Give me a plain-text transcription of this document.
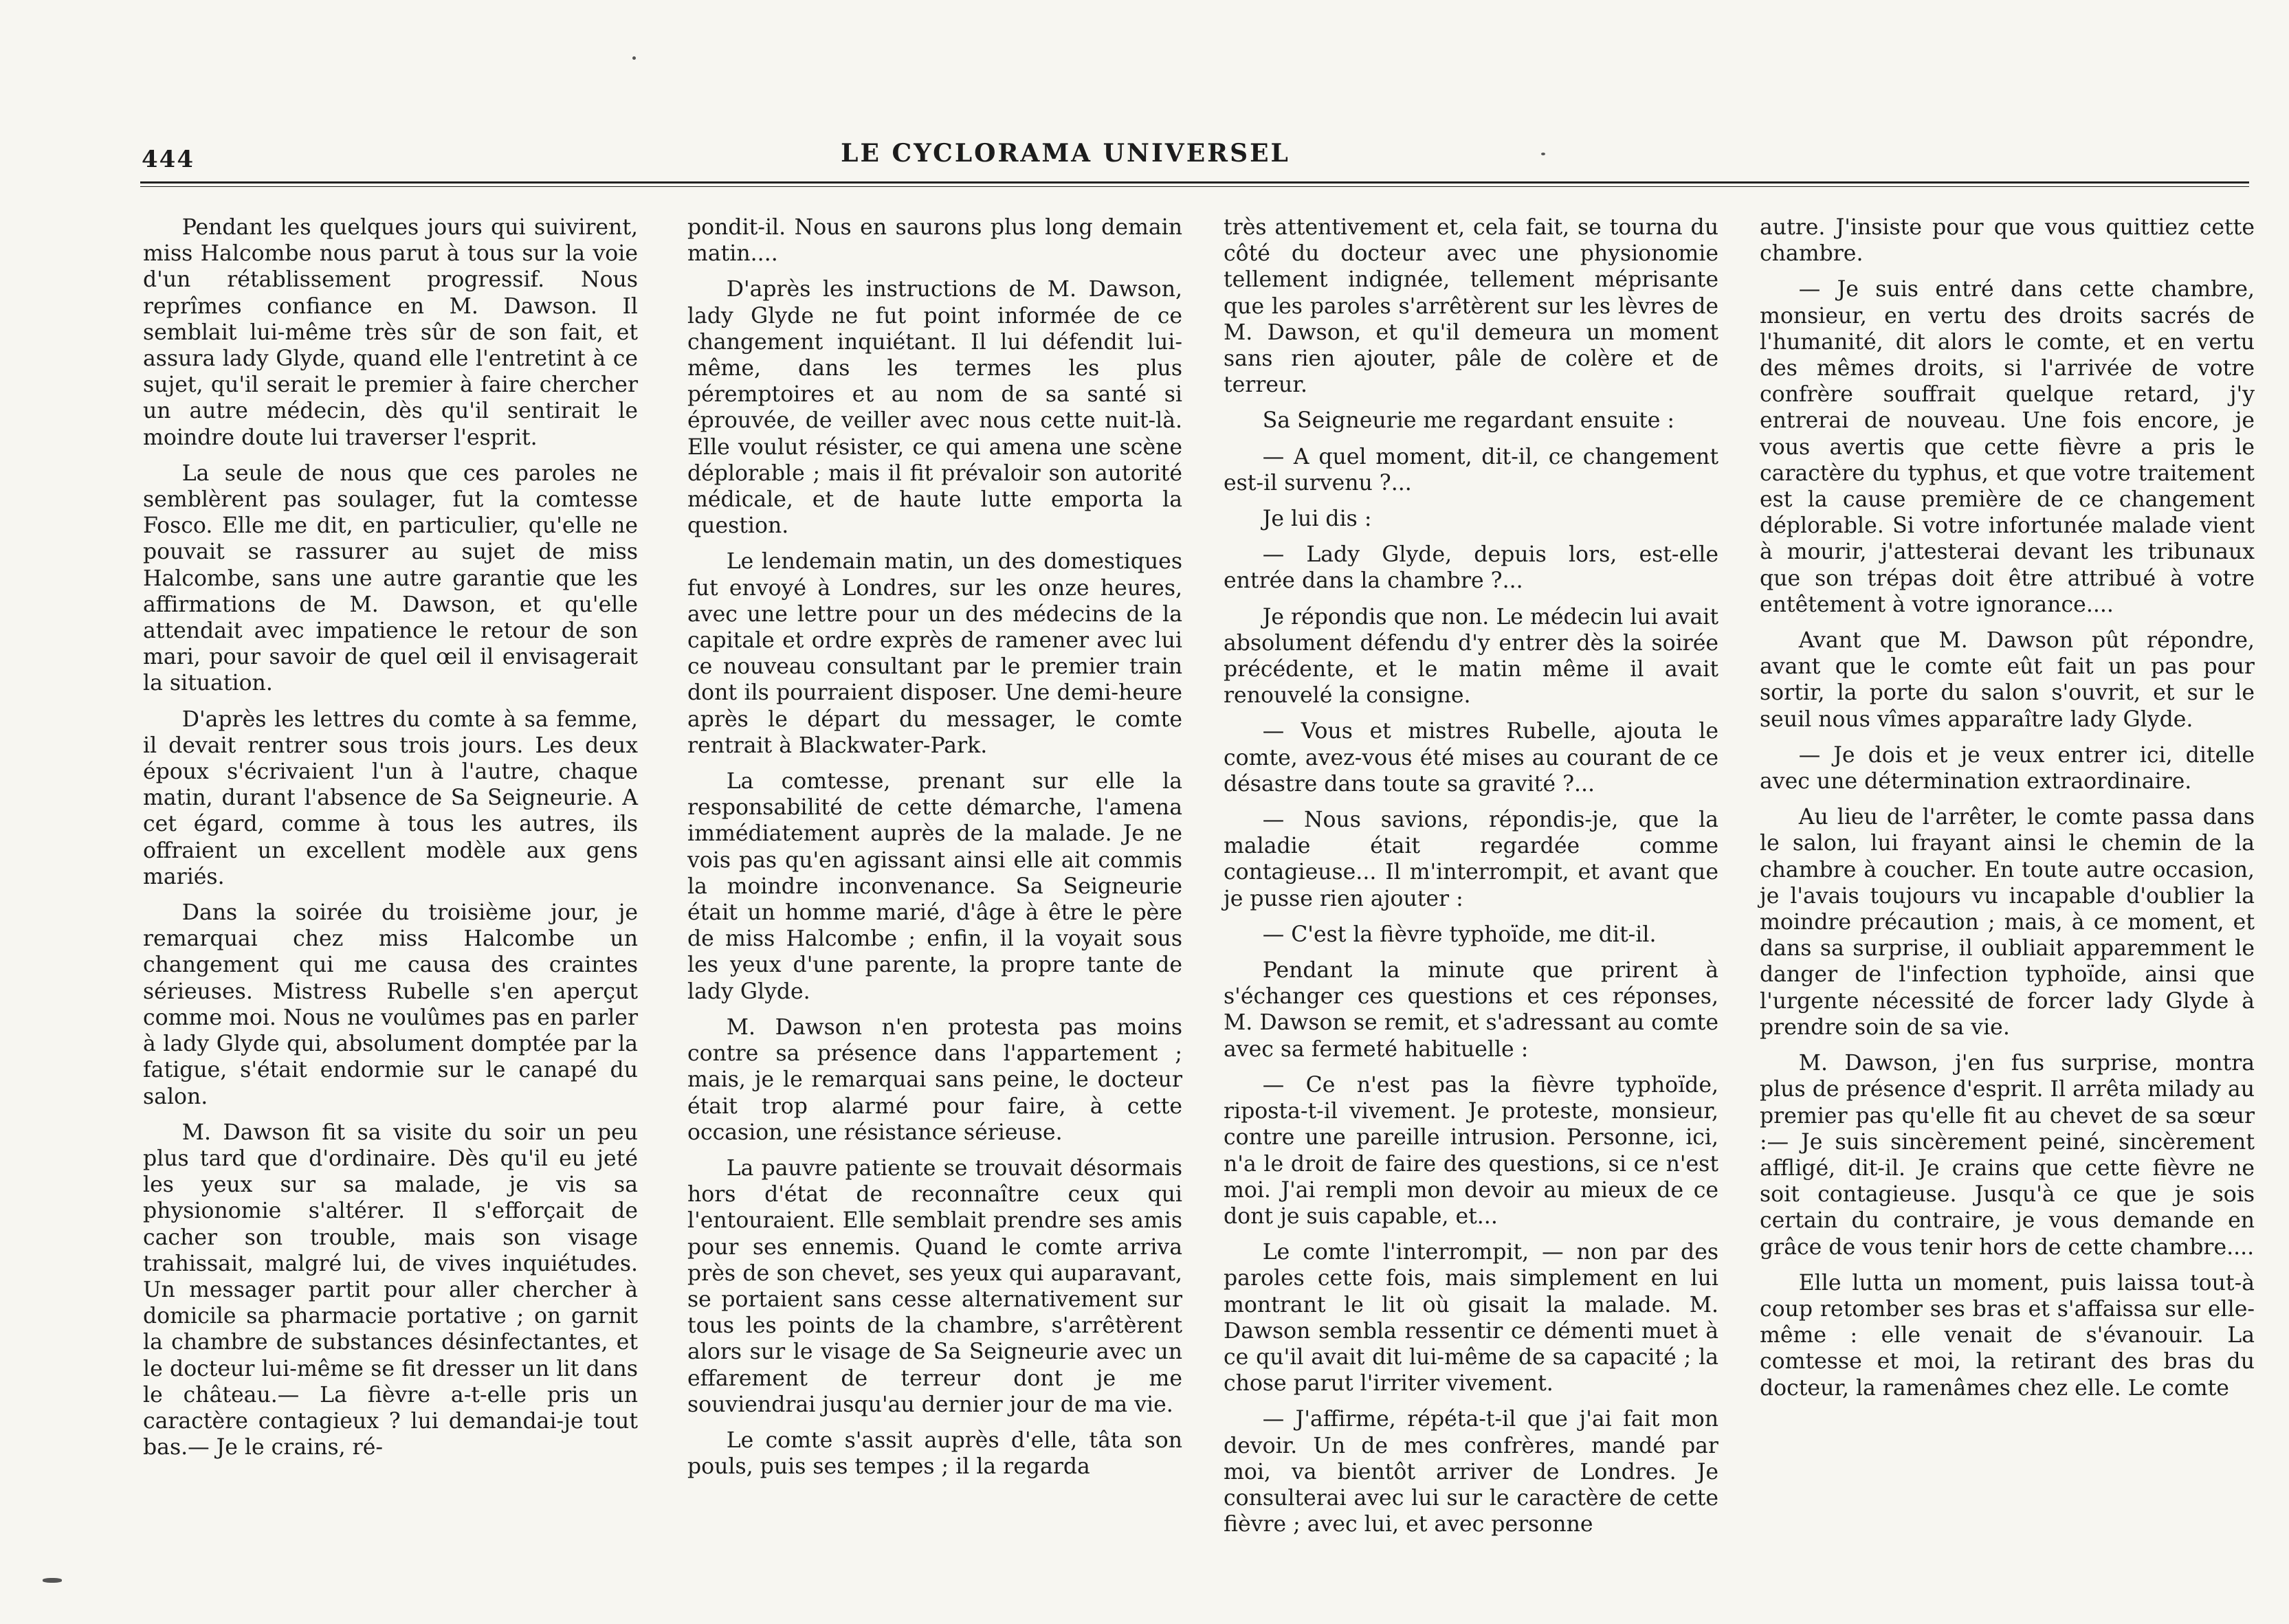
444	LE CYCLORAMA UNIVERSEL

Pendant les quelques jours qui suivirent, miss Halcombe nous parut à tous sur la voie d'un rétablissement progressif. Nous reprîmes confiance en M. Dawson. Il semblait lui-même très sûr de son fait, et assura lady Glyde, quand elle l'entretint à ce sujet, qu'il serait le premier à faire chercher un autre médecin, dès qu'il sentirait le moindre doute lui traverser l'esprit.

La seule de nous que ces paroles ne semblèrent pas soulager, fut la comtesse Fosco. Elle me dit, en particulier, qu'elle ne pouvait se rassurer au sujet de miss Halcombe, sans une autre garantie que les affirmations de M. Dawson, et qu'elle attendait avec impatience le retour de son mari, pour savoir de quel œil il envisagerait la situation.

D'après les lettres du comte à sa femme, il devait rentrer sous trois jours. Les deux époux s'écrivaient l'un à l'autre, chaque matin, durant l'absence de Sa Seigneurie. A cet égard, comme à tous les autres, ils offraient un excellent modèle aux gens mariés.

Dans la soirée du troisième jour, je remarquai chez miss Halcombe un changement qui me causa des craintes sérieuses. Mistress Rubelle s'en aperçut comme moi. Nous ne voulûmes pas en parler à lady Glyde qui, absolument domptée par la fatigue, s'était endormie sur le canapé du salon.

M. Dawson fit sa visite du soir un peu plus tard que d'ordinaire. Dès qu'il eu jeté les yeux sur sa malade, je vis sa physionomie s'altérer. Il s'efforçait de cacher son trouble, mais son visage trahissait, malgré lui, de vives inquiétudes. Un messager partit pour aller chercher à domicile sa pharmacie portative ; on garnit la chambre de substances désinfectantes, et le docteur lui-même se fit dresser un lit dans le château.— La fièvre a-t-elle pris un caractère contagieux ? lui demandai-je tout bas.— Je le crains, ré-

pondit-il. Nous en saurons plus long demain matin....

D'après les instructions de M. Dawson, lady Glyde ne fut point informée de ce changement inquiétant. Il lui défendit lui-même, dans les termes les plus péremptoires et au nom de sa santé si éprouvée, de veiller avec nous cette nuit-là. Elle voulut résister, ce qui amena une scène déplorable ; mais il fit prévaloir son autorité médicale, et de haute lutte emporta la question.

Le lendemain matin, un des domestiques fut envoyé à Londres, sur les onze heures, avec une lettre pour un des médecins de la capitale et ordre exprès de ramener avec lui ce nouveau consultant par le premier train dont ils pourraient disposer. Une demi-heure après le départ du messager, le comte rentrait à Blackwater-Park.

La comtesse, prenant sur elle la responsabilité de cette démarche, l'amena immédiatement auprès de la malade. Je ne vois pas qu'en agissant ainsi elle ait commis la moindre inconvenance. Sa Seigneurie était un homme marié, d'âge à être le père de miss Halcombe ; enfin, il la voyait sous les yeux d'une parente, la propre tante de lady Glyde.

M. Dawson n'en protesta pas moins contre sa présence dans l'appartement ; mais, je le remarquai sans peine, le docteur était trop alarmé pour faire, à cette occasion, une résistance sérieuse.

La pauvre patiente se trouvait désormais hors d'état de reconnaître ceux qui l'entouraient. Elle semblait prendre ses amis pour ses ennemis. Quand le comte arriva près de son chevet, ses yeux qui auparavant, se portaient sans cesse alternativement sur tous les points de la chambre, s'arrêtèrent alors sur le visage de Sa Seigneurie avec un effarement de terreur dont je me souviendrai jusqu'au dernier jour de ma vie.

Le comte s'assit auprès d'elle, tâta son pouls, puis ses tempes ; il la regarda

très attentivement et, cela fait, se tourna du côté du docteur avec une physionomie tellement indignée, tellement méprisante que les paroles s'arrêtèrent sur les lèvres de M. Dawson, et qu'il demeura un moment sans rien ajouter, pâle de colère et de terreur.

Sa Seigneurie me regardant ensuite :

— A quel moment, dit-il, ce changement est-il survenu ?...

Je lui dis :

— Lady Glyde, depuis lors, est-elle entrée dans la chambre ?...

Je répondis que non. Le médecin lui avait absolument défendu d'y entrer dès la soirée précédente, et le matin même il avait renouvelé la consigne.

— Vous et mistres Rubelle, ajouta le comte, avez-vous été mises au courant de ce désastre dans toute sa gravité ?...

— Nous savions, répondis-je, que la maladie était regardée comme contagieuse... Il m'interrompit, et avant que je pusse rien ajouter :

— C'est la fièvre typhoïde, me dit-il.

Pendant la minute que prirent à s'échanger ces questions et ces réponses, M. Dawson se remit, et s'adressant au comte avec sa fermeté habituelle :

— Ce n'est pas la fièvre typhoïde, riposta-t-il vivement. Je proteste, monsieur, contre une pareille intrusion. Personne, ici, n'a le droit de faire des questions, si ce n'est moi. J'ai rempli mon devoir au mieux de ce dont je suis capable, et...

Le comte l'interrompit, — non par des paroles cette fois, mais simplement en lui montrant le lit où gisait la malade. M. Dawson sembla ressentir ce démenti muet à ce qu'il avait dit lui-même de sa capacité ; la chose parut l'irriter vivement.

— J'affirme, répéta-t-il que j'ai fait mon devoir. Un de mes confrères, mandé par moi, va bientôt arriver de Londres. Je consulterai avec lui sur le caractère de cette fièvre ; avec lui, et avec personne

autre. J'insiste pour que vous quittiez cette chambre.

— Je suis entré dans cette chambre, monsieur, en vertu des droits sacrés de l'humanité, dit alors le comte, et en vertu des mêmes droits, si l'arrivée de votre confrère souffrait quelque retard, j'y entrerai de nouveau. Une fois encore, je vous avertis que cette fièvre a pris le caractère du typhus, et que votre traitement est la cause première de ce changement déplorable. Si votre infortunée malade vient à mourir, j'attesterai devant les tribunaux que son trépas doit être attribué à votre entêtement à votre ignorance....

Avant que M. Dawson pût répondre, avant que le comte eût fait un pas pour sortir, la porte du salon s'ouvrit, et sur le seuil nous vîmes apparaître lady Glyde.

— Je dois et je veux entrer ici, ditelle avec une détermination extraordinaire.

Au lieu de l'arrêter, le comte passa dans le salon, lui frayant ainsi le chemin de la chambre à coucher. En toute autre occasion, je l'avais toujours vu incapable d'oublier la moindre précaution ; mais, à ce moment, et dans sa surprise, il oubliait apparemment le danger de l'infection typhoïde, ainsi que l'urgente nécessité de forcer lady Glyde à prendre soin de sa vie.

M. Dawson, j'en fus surprise, montra plus de présence d'esprit. Il arrêta milady au premier pas qu'elle fit au chevet de sa sœur :— Je suis sincèrement peiné, sincèrement affligé, dit-il. Je crains que cette fièvre ne soit contagieuse. Jusqu'à ce que je sois certain du contraire, je vous demande en grâce de vous tenir hors de cette chambre....

Elle lutta un moment, puis laissa tout-à coup retomber ses bras et s'affaissa sur elle-même : elle venait de s'évanouir. La comtesse et moi, la retirant des bras du docteur, la ramenâmes chez elle. Le comte
